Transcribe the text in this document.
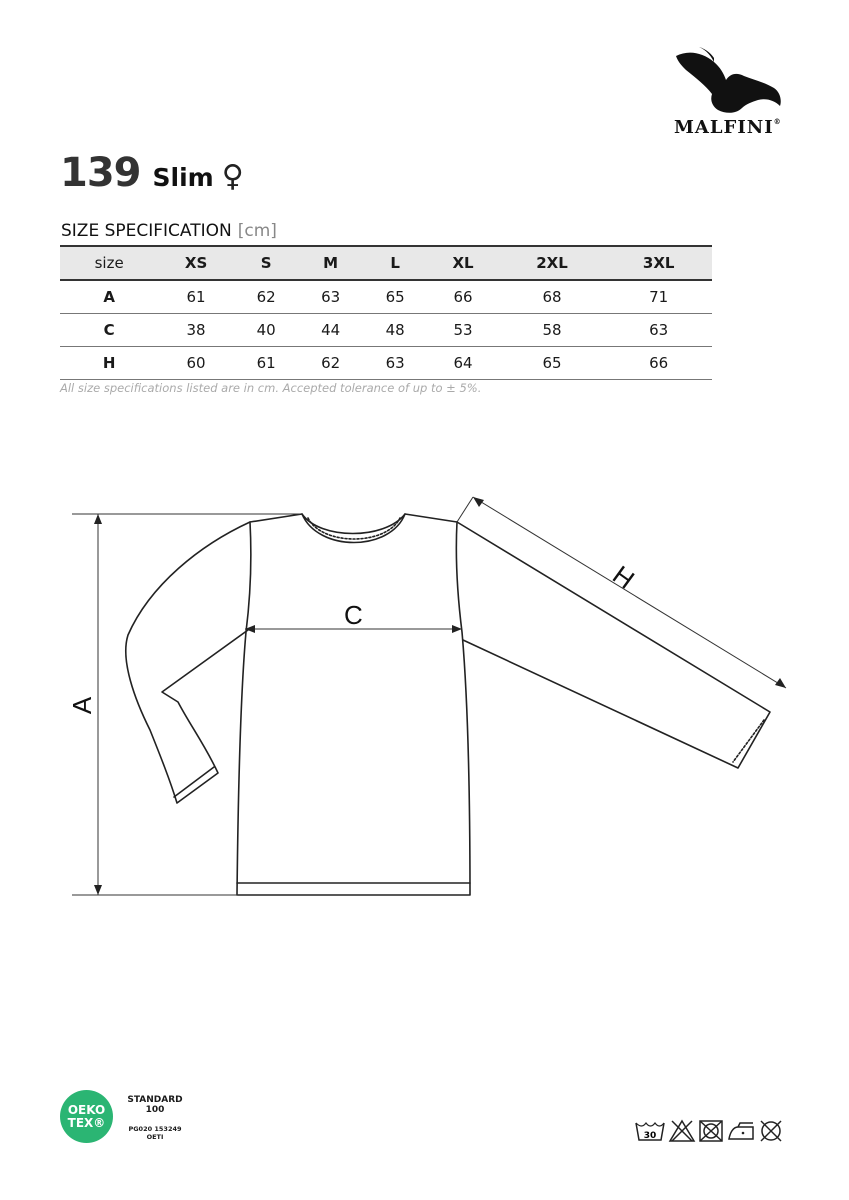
MALFINI®
139 Slim ♀
SIZE SPECIFICATION [cm]
size	XS	S	M	L	XL	2XL	3XL
A	61	62	63	65	66	68	71
C	38	40	44	48	53	58	63
H	60	61	62	63	64	65	66
All size specifications listed are in cm. Accepted tolerance of up to ± 5%.
A
C
H
OEKO
TEX®
STANDARD
100
PG020 153249
OETI	30
